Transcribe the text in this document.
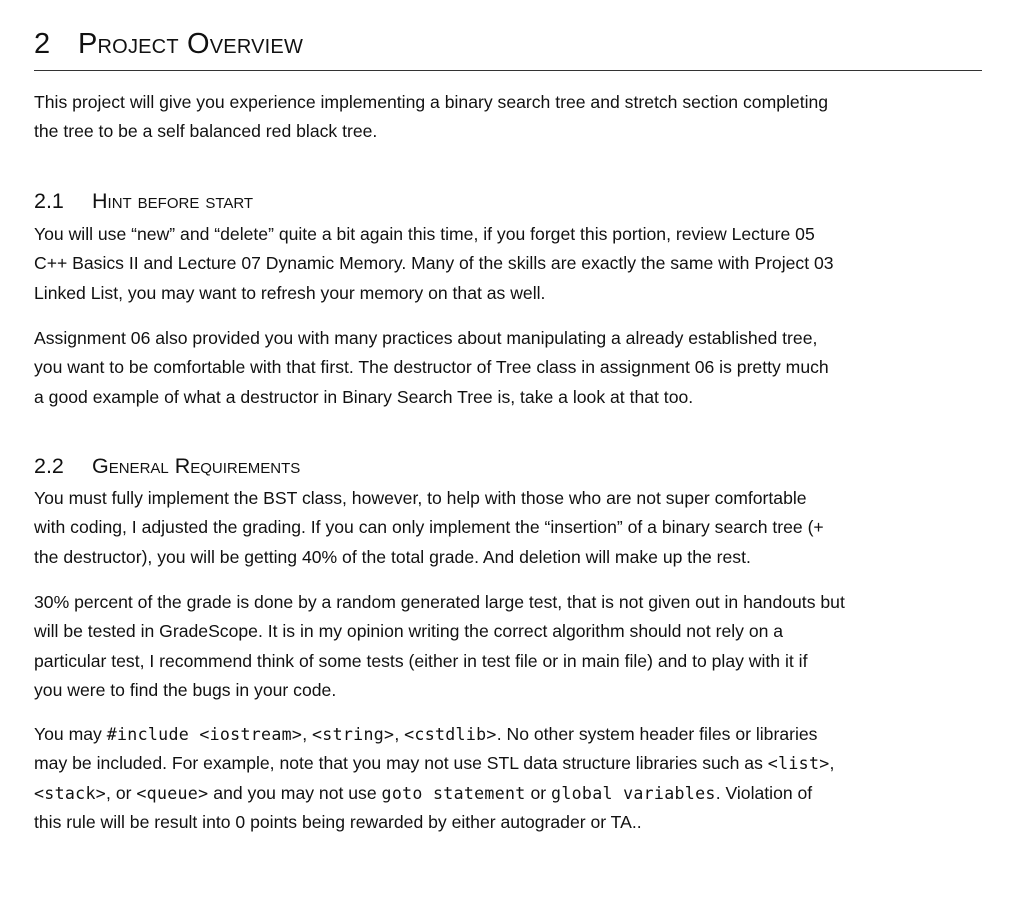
2 Project Overview
This project will give you experience implementing a binary search tree and stretch section completing
the tree to be a self balanced red black tree.
2.1 Hint before start
You will use “new” and “delete” quite a bit again this time, if you forget this portion, review Lecture 05
C++ Basics II and Lecture 07 Dynamic Memory. Many of the skills are exactly the same with Project 03
Linked List, you may want to refresh your memory on that as well.
Assignment 06 also provided you with many practices about manipulating a already established tree,
you want to be comfortable with that first. The destructor of Tree class in assignment 06 is pretty much
a good example of what a destructor in Binary Search Tree is, take a look at that too.
2.2 General Requirements
You must fully implement the BST class, however, to help with those who are not super comfortable
with coding, I adjusted the grading. If you can only implement the “insertion” of a binary search tree (+
the destructor), you will be getting 40% of the total grade. And deletion will make up the rest.
30% percent of the grade is done by a random generated large test, that is not given out in handouts but
will be tested in GradeScope. It is in my opinion writing the correct algorithm should not rely on a
particular test, I recommend think of some tests (either in test file or in main file) and to play with it if
you were to find the bugs in your code.
You may #include <iostream>, <string>, <cstdlib>. No other system header files or libraries
may be included. For example, note that you may not use STL data structure libraries such as <list>,
<stack>, or <queue> and you may not use goto statement or global variables. Violation of
this rule will be result into 0 points being rewarded by either autograder or TA..
